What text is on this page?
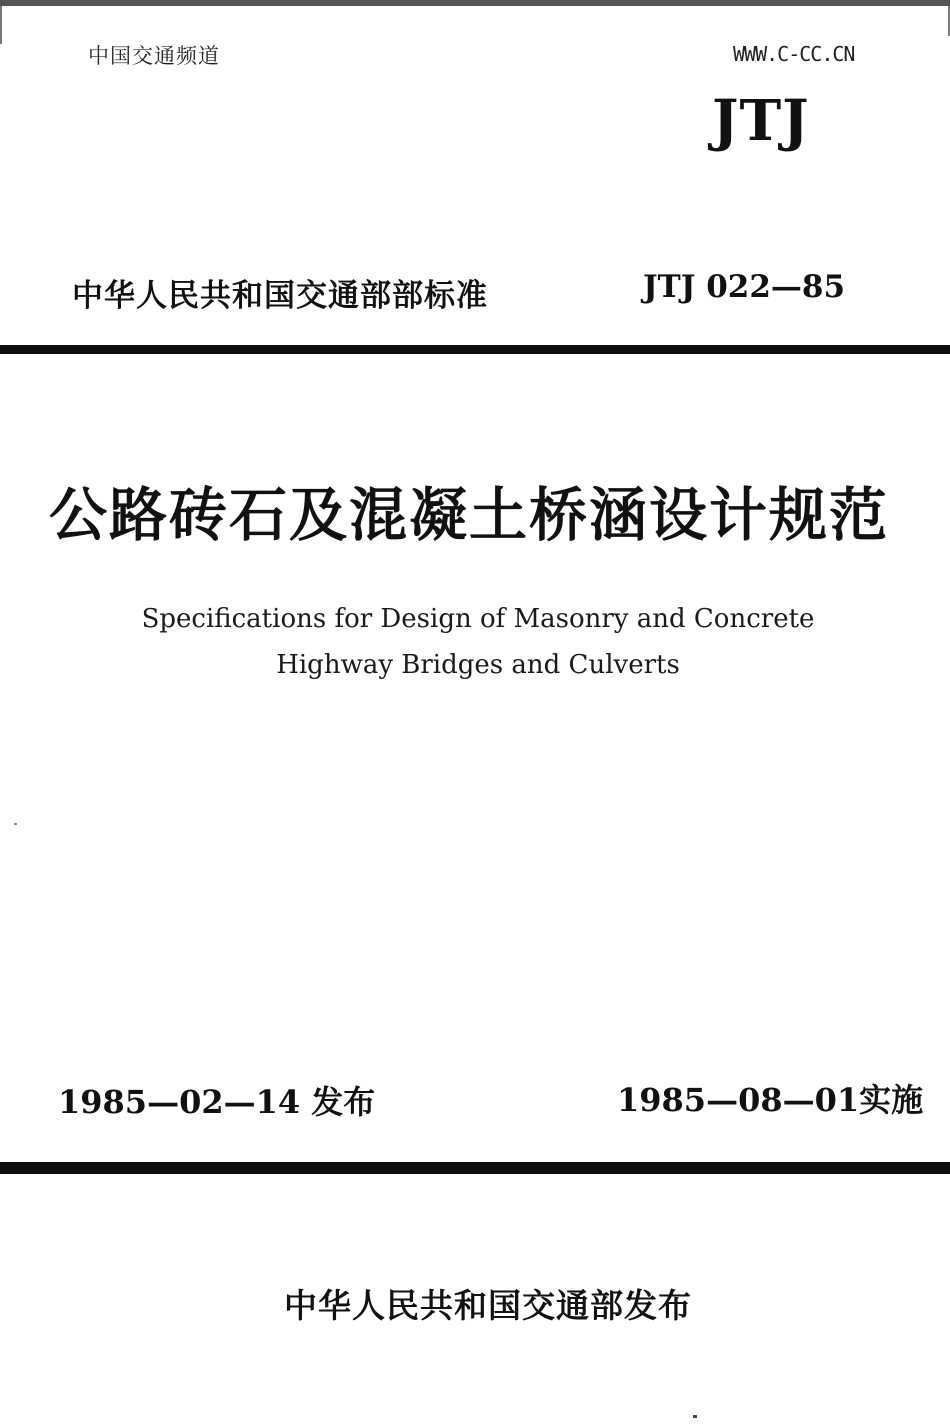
中国交通频道	WWW.C-CC.CN
JTJ
中华人民共和国交通部部标准	JTJ 022—85
公路砖石及混凝土桥涵设计规范
Specifications for Design of Masonry and Concrete
Highway Bridges and Culverts
1985—02—14 发布	1985—08—01实施
中华人民共和国交通部发布
